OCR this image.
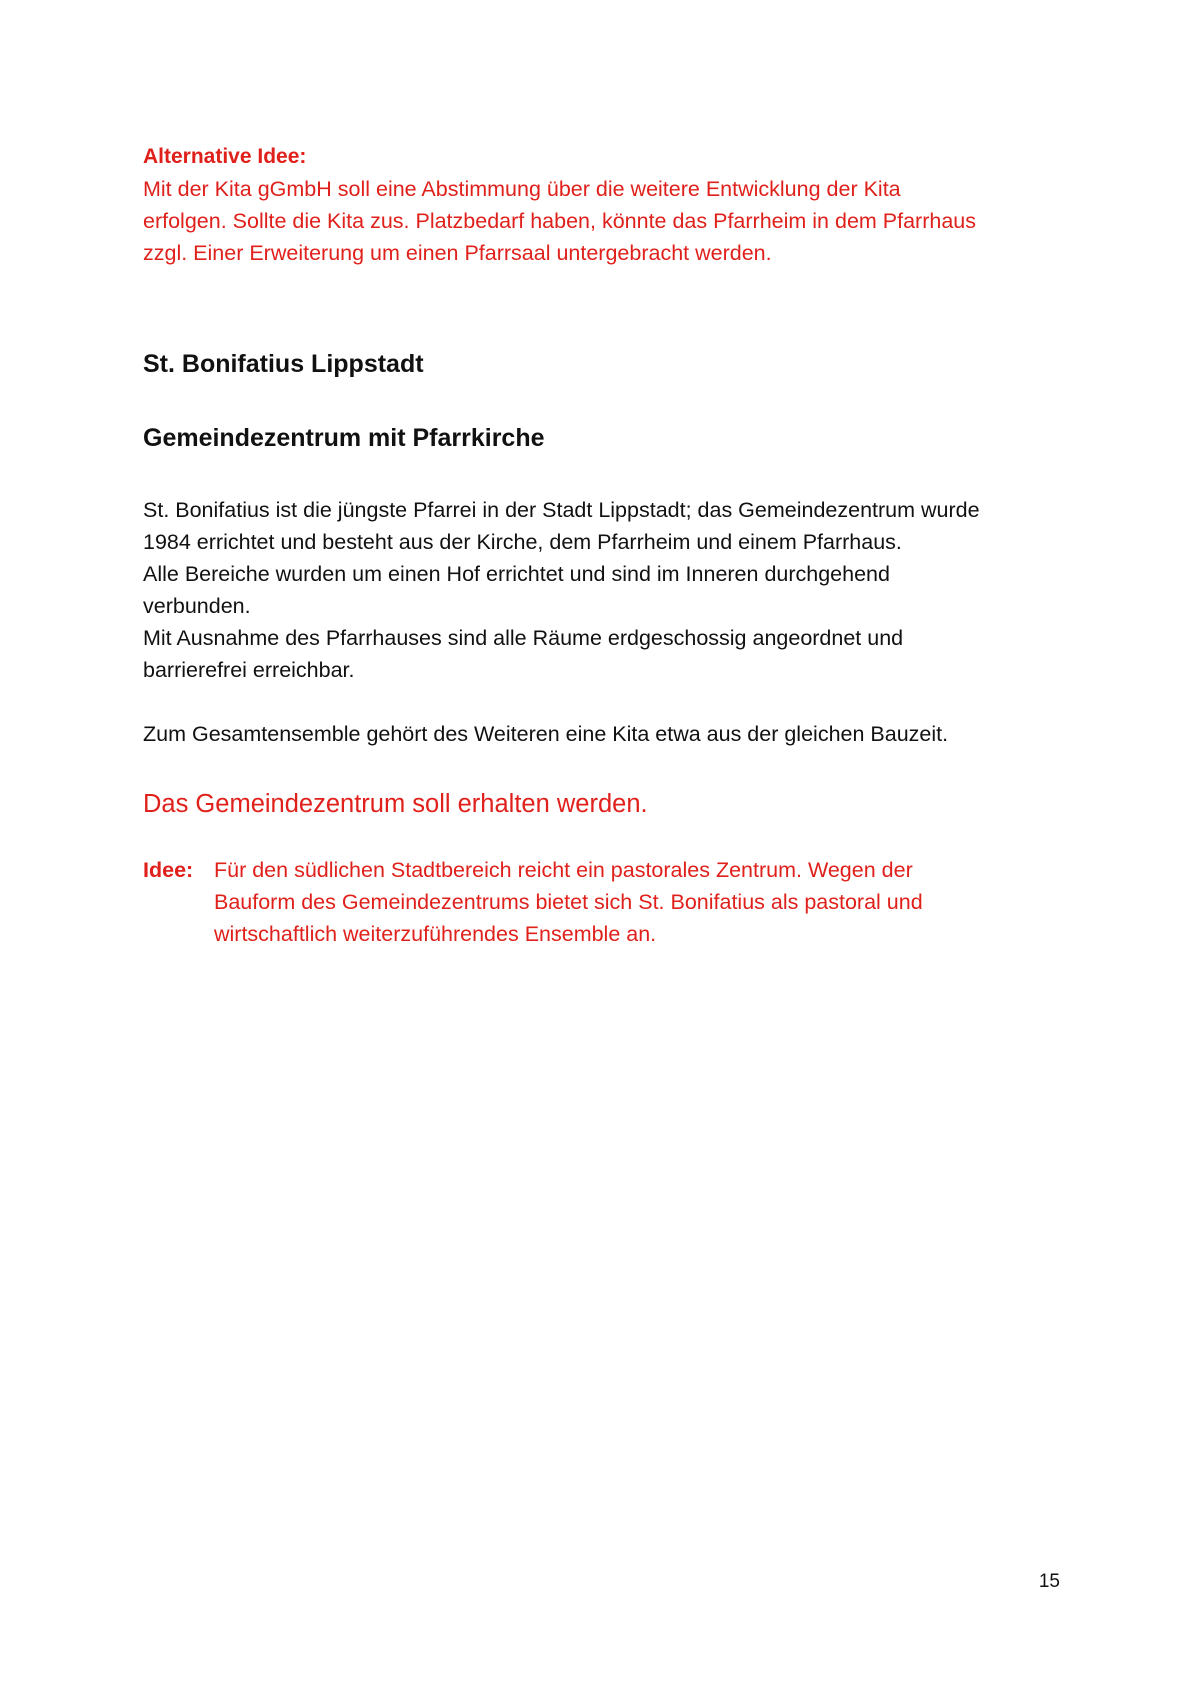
Alternative Idee:

Mit der Kita gGmbH soll eine Abstimmung über die weitere Entwicklung der Kita
erfolgen. Sollte die Kita zus. Platzbedarf haben, könnte das Pfarrheim in dem Pfarrhaus
zzgl. Einer Erweiterung um einen Pfarrsaal untergebracht werden.

St. Bonifatius Lippstadt
Gemeindezentrum mit Pfarrkirche

St. Bonifatius ist die jüngste Pfarrei in der Stadt Lippstadt; das Gemeindezentrum wurde
1984 errichtet und besteht aus der Kirche, dem Pfarrheim und einem Pfarrhaus.
Alle Bereiche wurden um einen Hof errichtet und sind im Inneren durchgehend
verbunden.
Mit Ausnahme des Pfarrhauses sind alle Räume erdgeschossig angeordnet und
barrierefrei erreichbar.

Zum Gesamtensemble gehört des Weiteren eine Kita etwa aus der gleichen Bauzeit.

Das Gemeindezentrum soll erhalten werden.

Idee: Für den südlichen Stadtbereich reicht ein pastorales Zentrum. Wegen der
Bauform des Gemeindezentrums bietet sich St. Bonifatius als pastoral und
wirtschaftlich weiterzuführendes Ensemble an.
15
